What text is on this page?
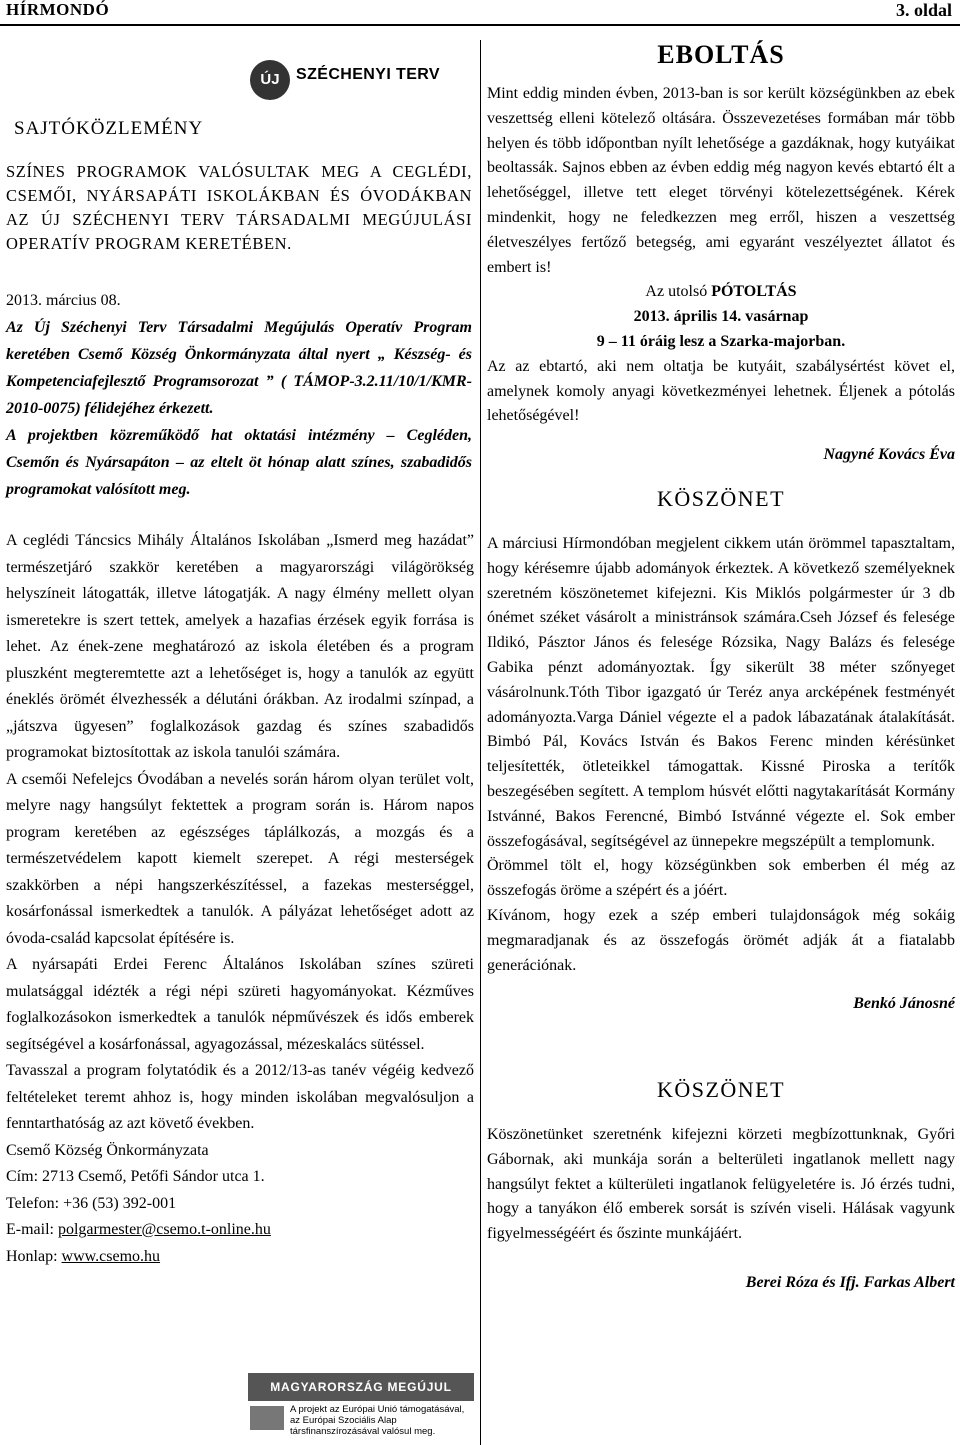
HÍRMONDÓ	3. oldal
ÚJ	SZÉCHENYI TERV
SAJTÓKÖZLEMÉNY
SZÍNES PROGRAMOK VALÓSULTAK MEG A CEGLÉDI, CSEMŐI, NYÁRSAPÁTI ISKOLÁKBAN ÉS ÓVODÁKBAN AZ ÚJ SZÉCHENYI TERV TÁRSADALMI MEGÚJULÁSI OPERATÍV PROGRAM KERETÉBEN.
2013. március 08.
Az Új Széchenyi Terv Társadalmi Megújulás Operatív Program keretében Csemő Község Önkormányzata által nyert „ Készség- és Kompetenciafejlesztő Programsorozat ” ( TÁMOP-3.2.11/10/1/KMR-2010-0075) félidejéhez érkezett.
A projektben közreműködő hat oktatási intézmény – Cegléden, Csemőn és Nyársapáton – az eltelt öt hónap alatt színes, szabadidős programokat valósított meg.

A ceglédi Táncsics Mihály Általános Iskolában „Ismerd meg hazádat” természetjáró szakkör keretében a magyarországi világörökség helyszíneit látogatták, illetve látogatják. A nagy élmény mellett olyan ismeretekre is szert tettek, amelyek a hazafias érzések egyik forrása is lehet. Az ének-zene meghatározó az iskola életében és a program pluszként megteremtette azt a lehetőséget is, hogy a tanulók az együtt éneklés örömét élvezhessék a délutáni órákban. Az irodalmi színpad, a „játszva ügyesen” foglalkozások gazdag és színes szabadidős programokat biztosítottak az iskola tanulói számára.

A csemői Nefelejcs Óvodában a nevelés során három olyan terület volt, melyre nagy hangsúlyt fektettek a program során is. Három napos program keretében az egészséges táplálkozás, a mozgás és a természetvédelem kapott kiemelt szerepet. A régi mesterségek szakkörben a népi hangszerkészítéssel, a fazekas mesterséggel, kosárfonással ismerkedtek a tanulók. A pályázat lehetőséget adott az óvoda-család kapcsolat építésére is.

A nyársapáti Erdei Ferenc Általános Iskolában színes szüreti mulatsággal idézték a régi népi szüreti hagyományokat. Kézműves foglalkozásokon ismerkedtek a tanulók népművészek és idős emberek segítségével a kosárfonással, agyagozással, mézeskalács sütéssel.

Tavasszal a program folytatódik és a 2012/13-as tanév végéig kedvező feltételeket teremt ahhoz is, hogy minden iskolában megvalósuljon a fenntarthatóság az azt követő években.

Csemő Község Önkormányzata

Cím: 2713 Csemő, Petőfi Sándor utca 1.

Telefon: +36 (53) 392-001

E-mail: polgarmester@csemo.t-online.hu

Honlap: www.csemo.hu

MAGYARORSZÁG MEGÚJUL
A projekt az Európai Unió támogatásával, az Európai Szociális Alap társfinanszírozásával valósul meg.
EBOLTÁS

Mint eddig minden évben, 2013-ban is sor került községünkben az ebek veszettség elleni kötelező oltására. Összevezetéses formában már több helyen és több időpontban nyílt lehetősége a gazdáknak, hogy kutyáikat beoltassák. Sajnos ebben az évben eddig még nagyon kevés ebtartó élt a lehetőséggel, illetve tett eleget törvényi kötelezettségének. Kérek mindenkit, hogy ne feledkezzen meg erről, hiszen a veszettség életveszélyes fertőző betegség, ami egyaránt veszélyeztet állatot és embert is!

Az utolsó PÓTOLTÁS

2013. április 14. vasárnap

9 – 11 óráig lesz a Szarka-majorban.

Az az ebtartó, aki nem oltatja be kutyáit, szabálysértést követ el, amelynek komoly anyagi következményei lehetnek. Éljenek a pótolás lehetőségével!

Nagyné Kovács Éva

KÖSZÖNET

A márciusi Hírmondóban megjelent cikkem után örömmel tapasztaltam, hogy kérésemre újabb adományok érkeztek. A következő személyeknek szeretném köszönetemet kifejezni. Kis Miklós polgármester úr 3 db ónémet széket vásárolt a ministránsok számára.Cseh József és felesége Ildikó, Pásztor János és felesége Rózsika, Nagy Balázs és felesége Gabika pénzt adományoztak. Így sikerült 38 méter szőnyeget vásárolnunk.Tóth Tibor igazgató úr Teréz anya arcképének festményét adományozta.Varga Dániel végezte el a padok lábazatának átalakítását. Bimbó Pál, Kovács István és Bakos Ferenc minden kérésünket teljesítették, ötleteikkel támogattak. Kissné Piroska a terítők beszegésében segített. A templom húsvét előtti nagytakarítását Kormány Istvánné, Bakos Ferencné, Bimbó Istvánné végezte el. Sok ember összefogásával, segítségével az ünnepekre megszépült a templomunk.

Örömmel tölt el, hogy községünkben sok emberben él még az összefogás öröme a szépért és a jóért.

Kívánom, hogy ezek a szép emberi tulajdonságok még sokáig megmaradjanak és az összefogás örömét adják át a fiatalabb generációnak.

Benkó Jánosné

KÖSZÖNET

Köszönetünket szeretnénk kifejezni körzeti megbízottunknak, Győri Gábornak, aki munkája során a belterületi ingatlanok mellett nagy hangsúlyt fektet a külterületi ingatlanok felügyeletére is. Jó érzés tudni, hogy a tanyákon élő emberek sorsát is szívén viseli. Hálásak vagyunk figyelmességéért és őszinte munkájáért.

Berei Róza és Ifj. Farkas Albert
